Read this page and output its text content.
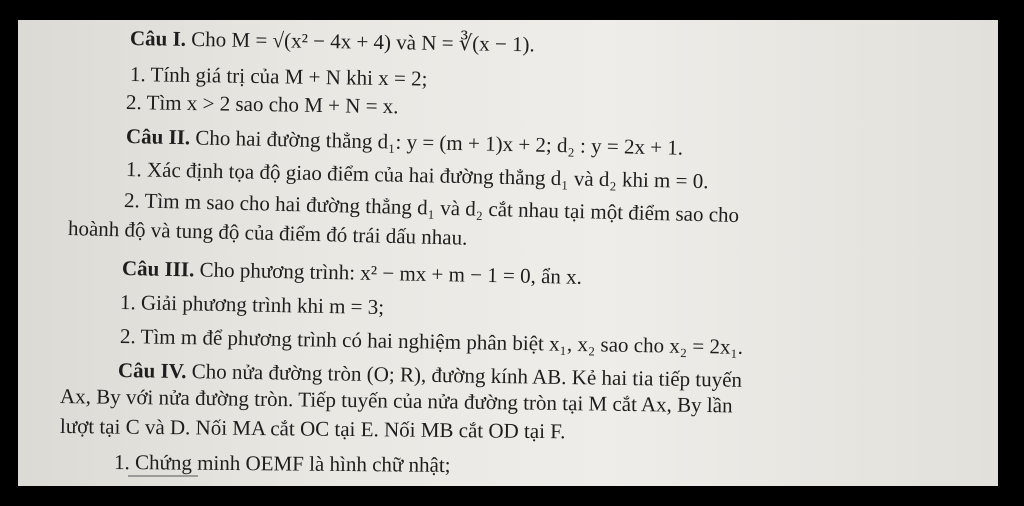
Câu I. Cho M = √(x² − 4x + 4) và N = ∛(x − 1).
1. Tính giá trị của M + N khi x = 2;
2. Tìm x > 2 sao cho M + N = x.
Câu II. Cho hai đường thẳng d₁: y = (m + 1)x + 2; d₂ : y = 2x + 1.
1. Xác định tọa độ giao điểm của hai đường thẳng d₁ và d₂ khi m = 0.
2. Tìm m sao cho hai đường thẳng d₁ và d₂ cắt nhau tại một điểm sao cho
hoành độ và tung độ của điểm đó trái dấu nhau.
Câu III. Cho phương trình: x² − mx + m − 1 = 0, ẩn x.
1. Giải phương trình khi m = 3;
2. Tìm m để phương trình có hai nghiệm phân biệt x₁, x₂ sao cho x₂ = 2x₁.
Câu IV. Cho nửa đường tròn (O; R), đường kính AB. Kẻ hai tia tiếp tuyến
Ax, By với nửa đường tròn. Tiếp tuyến của nửa đường tròn tại M cắt Ax, By lần
lượt tại C và D. Nối MA cắt OC tại E. Nối MB cắt OD tại F.
1. Chứng minh OEMF là hình chữ nhật;
